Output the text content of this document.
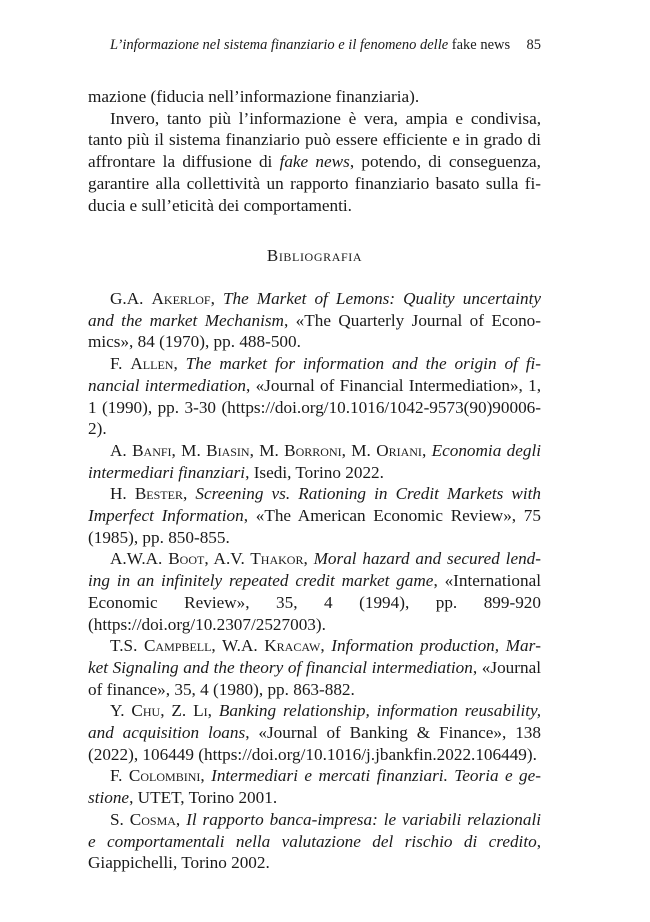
L’informazione nel sistema finanziario e il fenomeno delle fake news 85

mazione (fiducia nell’informazione finanziaria).

Invero, tanto più l’informazione è vera, ampia e condivisa, tanto più il sistema finanziario può essere efficiente e in grado di affrontare la diffusione di fake news, potendo, di conseguenza, garantire alla collettività un rapporto finanziario basato sulla fiducia e sull’eticità dei comportamenti.

Bibliografia

G.A. Akerlof, The Market of Lemons: Quality uncertainty and the market Mechanism, «The Quarterly Journal of Economics», 84 (1970), pp. 488-500.

F. Allen, The market for information and the origin of financial intermediation, «Journal of Financial Intermediation», 1, 1 (1990), pp. 3-30 (https://doi.org/10.1016/1042-9573(90)90006-2).

A. Banfi, M. Biasin, M. Borroni, M. Oriani, Economia degli intermediari finanziari, Isedi, Torino 2022.

H. Bester, Screening vs. Rationing in Credit Markets with Imperfect Information, «The American Economic Review», 75 (1985), pp. 850-855.

A.W.A. Boot, A.V. Thakor, Moral hazard and secured lending in an infinitely repeated credit market game, «International Economic Review», 35, 4 (1994), pp. 899-920 (https://doi.org/10.2307/2527003).

T.S. Campbell, W.A. Kracaw, Information production, Market Signaling and the theory of financial intermediation, «Journal of finance», 35, 4 (1980), pp. 863-882.

Y. Chu, Z. Li, Banking relationship, information reusability, and acquisition loans, «Journal of Banking & Finance», 138 (2022), 106449 (https://doi.org/10.1016/j.jbankfin.2022.106449).

F. Colombini, Intermediari e mercati finanziari. Teoria e gestione, UTET, Torino 2001.

S. Cosma, Il rapporto banca-impresa: le variabili relazionali e comportamentali nella valutazione del rischio di credito, Giappichelli, Torino 2002.
